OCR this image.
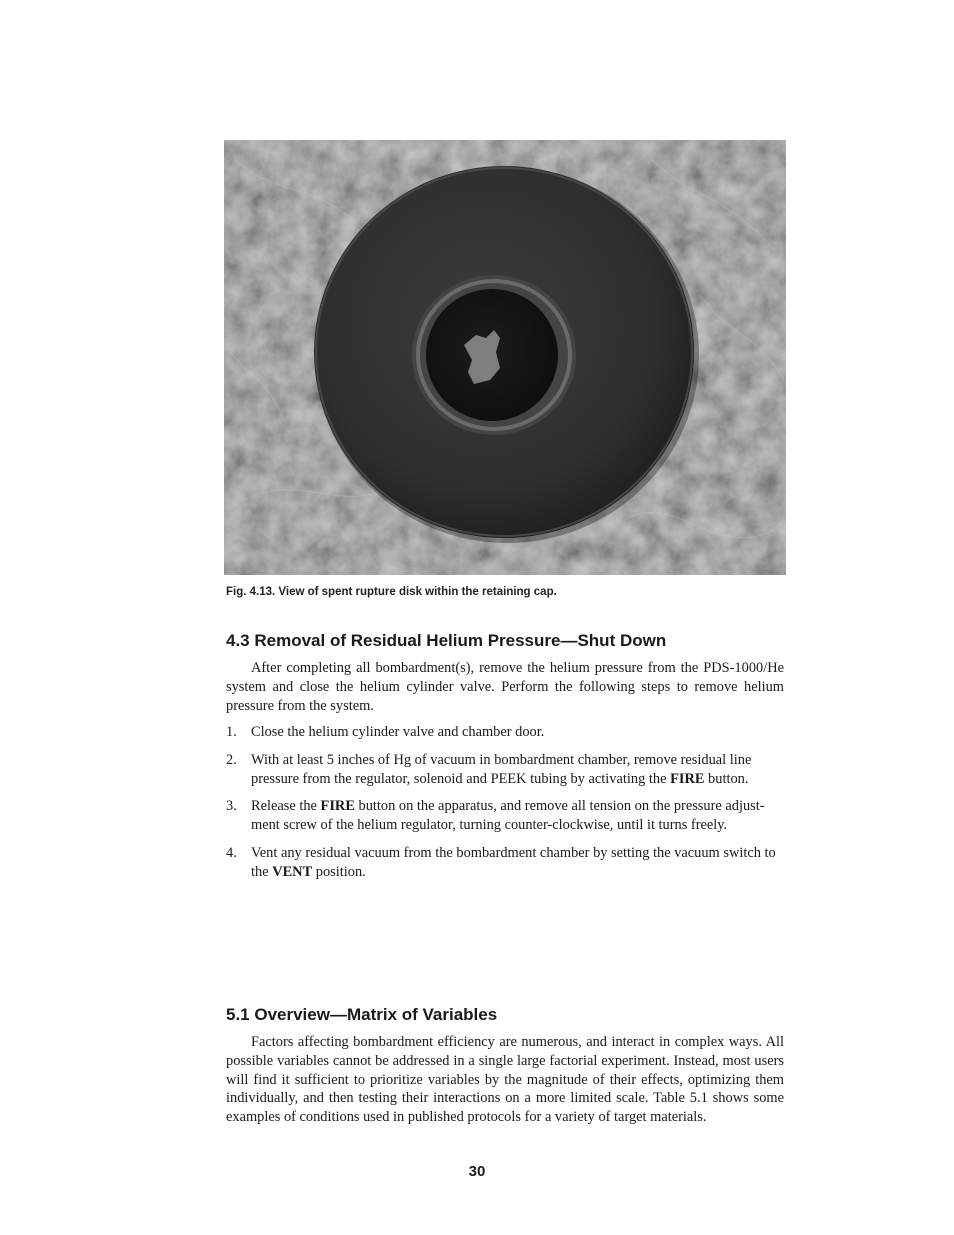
Fig. 4.13. View of spent rupture disk within the retaining cap.
4.3 Removal of Residual Helium Pressure—Shut Down

After completing all bombardment(s), remove the helium pressure from the PDS-1000/He system and close the helium cylinder valve. Perform the following steps to remove helium pressure from the system.

1. Close the helium cylinder valve and chamber door.
2. With at least 5 inches of Hg of vacuum in bombardment chamber, remove residual line pressure from the regulator, solenoid and PEEK tubing by activating the FIRE button.
3. Release the FIRE button on the apparatus, and remove all tension on the pressure adjust-ment screw of the helium regulator, turning counter-clockwise, until it turns freely.
4. Vent any residual vacuum from the bombardment chamber by setting the vacuum switch to the VENT position.
5.1 Overview—Matrix of Variables

Factors affecting bombardment efficiency are numerous, and interact in complex ways. All possible variables cannot be addressed in a single large factorial experiment. Instead, most users will find it sufficient to prioritize variables by the magnitude of their effects, optimizing them individually, and then testing their interactions on a more limited scale. Table 5.1 shows some examples of conditions used in published protocols for a variety of target materials.

30
